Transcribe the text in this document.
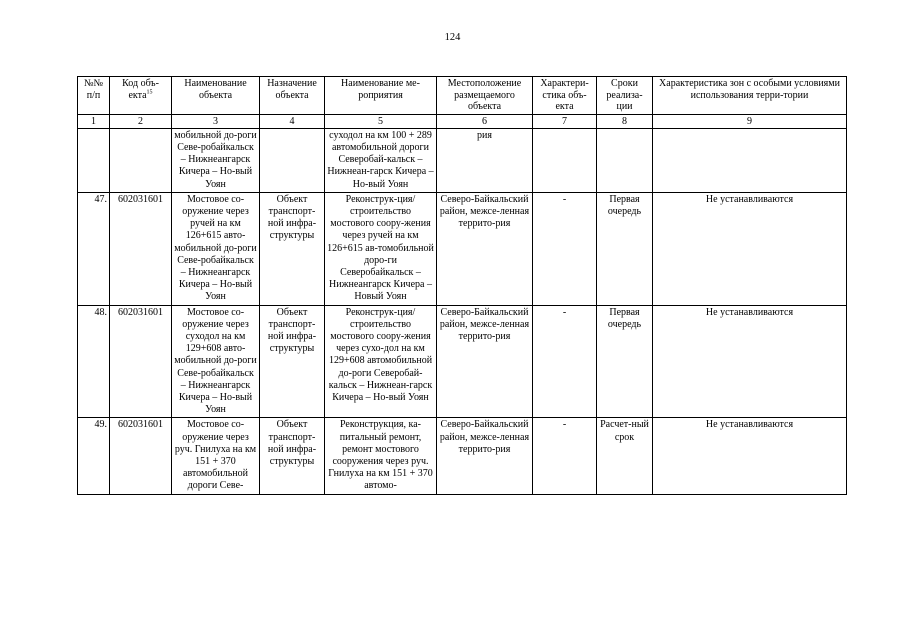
124
№№ п/п	Код объ-екта$^{15}$	Наименование объекта	Назначение объекта	Наименование ме-роприятия	Местоположение размещаемого объекта	Характери-стика объ-екта	Сроки реализа-ции	Характеристика зон с особыми условиями использования терри-тории
1	2	3	4	5	6	7	8	9
		мобильной до-роги Севе-робайкальск – Нижнеангарск Кичера – Но-вый Уоян		суходол на км 100 + 289 автомобильной дороги Северобай-кальск – Нижнеан-гарск Кичера – Но-вый Уоян	рия			
47.	602031601	Мостовое со-оружение через ручей на км 126+615 авто-мобильной до-роги Севе-робайкальск – Нижнеангарск Кичера – Но-вый Уоян	Объект транспорт-ной инфра-структуры	Реконструк-ция/строительство мостового соору-жения через ручей на км 126+615 ав-томобильной доро-ги Северобайкальск – Нижнеангарск Кичера – Новый Уоян	Северо-Байкальский район, межсе-ленная террито-рия	-	Первая очередь	Не устанавливаются
48.	602031601	Мостовое со-оружение через суходол на км 129+608 авто-мобильной до-роги Севе-робайкальск – Нижнеангарск Кичера – Но-вый Уоян	Объект транспорт-ной инфра-структуры	Реконструк-ция/строительство мостового соору-жения через сухо-дол на км 129+608 автомобильной до-роги Северобай-кальск – Нижнеан-гарск Кичера – Но-вый Уоян	Северо-Байкальский район, межсе-ленная террито-рия	-	Первая очередь	Не устанавливаются
49.	602031601	Мостовое со-оружение через руч. Гнилуха на км 151 + 370 автомобильной дороги Севе-	Объект транспорт-ной инфра-структуры	Реконструкция, ка-питальный ремонт, ремонт мостового сооружения через руч. Гнилуха на км 151 + 370 автомо-	Северо-Байкальский район, межсе-ленная террито-рия	-	Расчет-ный срок	Не устанавливаются
